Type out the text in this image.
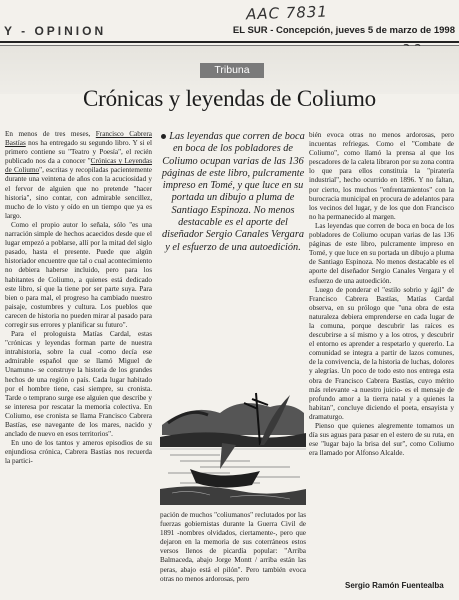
AAC 7831
Y - OPINION	EL SUR - Concepción, jueves 5 de marzo de 1998
Tribuna
Crónicas y leyendas de Coliumo

En menos de tres meses, Francisco Cabrera Bastías nos ha entregado su segundo libro. Y si el primero contiene su "Teatro y Poesía", el recién publicado nos da a conocer "Crónicas y Leyendas de Coliumo", escritas y recopiladas pacientemente durante una veintena de años con la acuciosidad y el fervor de alguien que no pretende "hacer historia", sino contar, con admirable sencillez, mucho de lo visto y oído en un tiempo que ya es largo.

Como el propio autor lo señala, sólo "es una narración simple de hechos acaecidos desde que el lugar empezó a poblarse, allí por la mitad del siglo pasado, hasta el presente. Puede que algún historiador encuentre que tal o cual acontecimiento no debiera haberse incluido, pero para los habitantes de Coliumo, a quienes está dedicado este libro, sí que la tiene por ser parte suya. Para bien o para mal, el progreso ha cambiado nuestro paisaje, costumbres y cultura. Los pueblos que carecen de historia no pueden mirar al pasado para corregir sus errores y planificar su futuro".

Para el prologuista Matías Cardal, estas "crónicas y leyendas forman parte de nuestra intrahistoria, sobre la cual -como decía ese admirable español que se llamó Miguel de Unamuno- se construye la historia de los grandes hechos de una región o país. Cada lugar habitado por el hombre tiene, casi siempre, su cronista. Tarde o temprano surge ese alguien que describe y se interesa por rescatar la memoria colectiva. En Coliumo, ese cronista se llama Francisco Cabrera Bastías, ese navegante de los mares, nacido y anclado de nuevo en esos territorios".

En uno de los tantos y ameros episodios de su enjundiosa crónica, Cabrera Bastías nos recuerda la partici-

Las leyendas que corren de boca en boca de los pobladores de Coliumo ocupan varias de las 136 páginas de este libro, pulcramente impreso en Tomé, y que luce en su portada un dibujo a pluma de Santiago Espinoza. No menos destacable es el aporte del diseñador Sergio Canales Vergara y el esfuerzo de una autoedición.

pación de muchos "coliumanos" reclutados por las fuerzas gobiernistas durante la Guerra Civil de 1891 -nombres olvidados, ciertamente-, pero que dejaron en la memoria de sus coterráneos estos versos llenos de picardía popular: "Arriba Balmaceda, abajo Jorge Montt / arriba están las peras, abajo está el pilón". Pero también evoca otras no menos ardorosas, pero

bién evoca otras no menos ardorosas, pero incuentas refriegas. Como el "Combate de Coliumo", como llamó la prensa al que los pescadores de la caleta libraron por su zona contra lo que para ellos constituía la "piratería industrial", hecho ocurrido en 1896. Y no faltan, por cierto, los muchos "enfrentamientos" con la burocracia municipal en procura de adelantos para los vecinos del lugar, y de los que don Francisco no ha permanecido al margen.

Las leyendas que corren de boca en boca de los pobladores de Coliumo ocupan varias de las 136 páginas de este libro, pulcramente impreso en Tomé, y que luce en su portada un dibujo a pluma de Santiago Espinoza. No menos destacable es el aporte del diseñador Sergio Canales Vergara y el esfuerzo de una autoedición.

Luego de ponderar el "estilo sobrio y ágil" de Francisco Cabrera Bastías, Matías Cardal observa, en su prólogo que "una obra de esta naturaleza debiera emprenderse en cada lugar de la comuna, porque descubrir las raíces es descubrirse a sí mismo y a los otros, y descubrir el entorno es aprender a respetarlo y quererlo. La comunidad se integra a partir de lazos comunes, de la convivencia, de la historia de luchas, dolores y alegrías. Un poco de todo esto nos entrega esta obra de Francisco Cabrera Bastías, cuyo mérito más relevante -a nuestro juicio- es el mensaje de profundo amor a la tierra natal y a quienes la habitan", concluye diciendo el poeta, ensayista y dramaturgo.

Pienso que quienes alegremente tomamos un día sus aguas para pasar en el estero de su ruta, en ese "lugar bajo la brisa del sur", como Coliumo era llamado por Alfonso Alcalde.

Sergio Ramón Fuentealba
